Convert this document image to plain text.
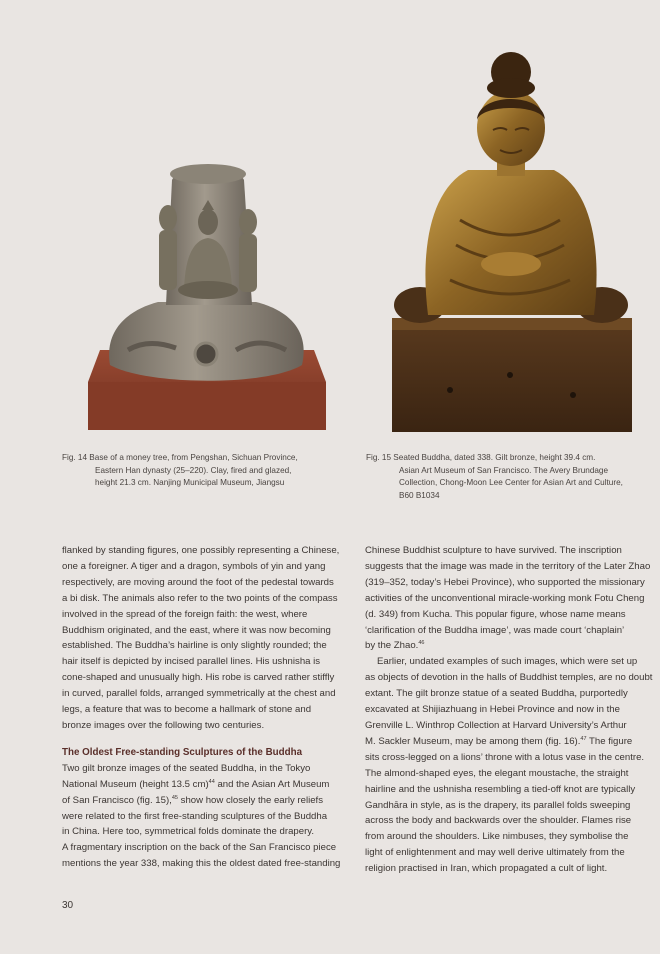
Fig. 14 Base of a money tree, from Pengshan, Sichuan Province,
Eastern Han dynasty (25–220). Clay, fired and glazed,
height 21.3 cm. Nanjing Municipal Museum, Jiangsu
Fig. 15 Seated Buddha, dated 338. Gilt bronze, height 39.4 cm.
Asian Art Museum of San Francisco. The Avery Brundage
Collection, Chong-Moon Lee Center for Asian Art and Culture,
B60 B1034
flanked by standing figures, one possibly representing a Chinese,
one a foreigner. A tiger and a dragon, symbols of yin and yang
respectively, are moving around the foot of the pedestal towards
a bi disk. The animals also refer to the two points of the compass
involved in the spread of the foreign faith: the west, where
Buddhism originated, and the east, where it was now becoming
established. The Buddha’s hairline is only slightly rounded; the
hair itself is depicted by incised parallel lines. His ushnisha is
cone-shaped and unusually high. His robe is carved rather stiffly
in curved, parallel folds, arranged symmetrically at the chest and
legs, a feature that was to become a hallmark of stone and
bronze images over the following two centuries.
The Oldest Free-standing Sculptures of the Buddha
Two gilt bronze images of the seated Buddha, in the Tokyo
National Museum (height 13.5 cm)$^{44}$ and the Asian Art Museum
of San Francisco (fig. 15),$^{45}$ show how closely the early reliefs
were related to the first free-standing sculptures of the Buddha
in China. Here too, symmetrical folds dominate the drapery.
A fragmentary inscription on the back of the San Francisco piece
mentions the year 338, making this the oldest dated free-standing
Chinese Buddhist sculpture to have survived. The inscription
suggests that the image was made in the territory of the Later Zhao
(319–352, today’s Hebei Province), who supported the missionary
activities of the unconventional miracle-working monk Fotu Cheng
(d. 349) from Kucha. This popular figure, whose name means
‘clarification of the Buddha image’, was made court ‘chaplain’
by the Zhao.$^{46}$
Earlier, undated examples of such images, which were set up
as objects of devotion in the halls of Buddhist temples, are no doubt
extant. The gilt bronze statue of a seated Buddha, purportedly
excavated at Shijiazhuang in Hebei Province and now in the
Grenville L. Winthrop Collection at Harvard University’s Arthur
M. Sackler Museum, may be among them (fig. 16).$^{47}$ The figure
sits cross-legged on a lions’ throne with a lotus vase in the centre.
The almond-shaped eyes, the elegant moustache, the straight
hairline and the ushnisha resembling a tied-off knot are typically
Gandhāra in style, as is the drapery, its parallel folds sweeping
across the body and backwards over the shoulder. Flames rise
from around the shoulders. Like nimbuses, they symbolise the
light of enlightenment and may well derive ultimately from the
religion practised in Iran, which propagated a cult of light.
30
